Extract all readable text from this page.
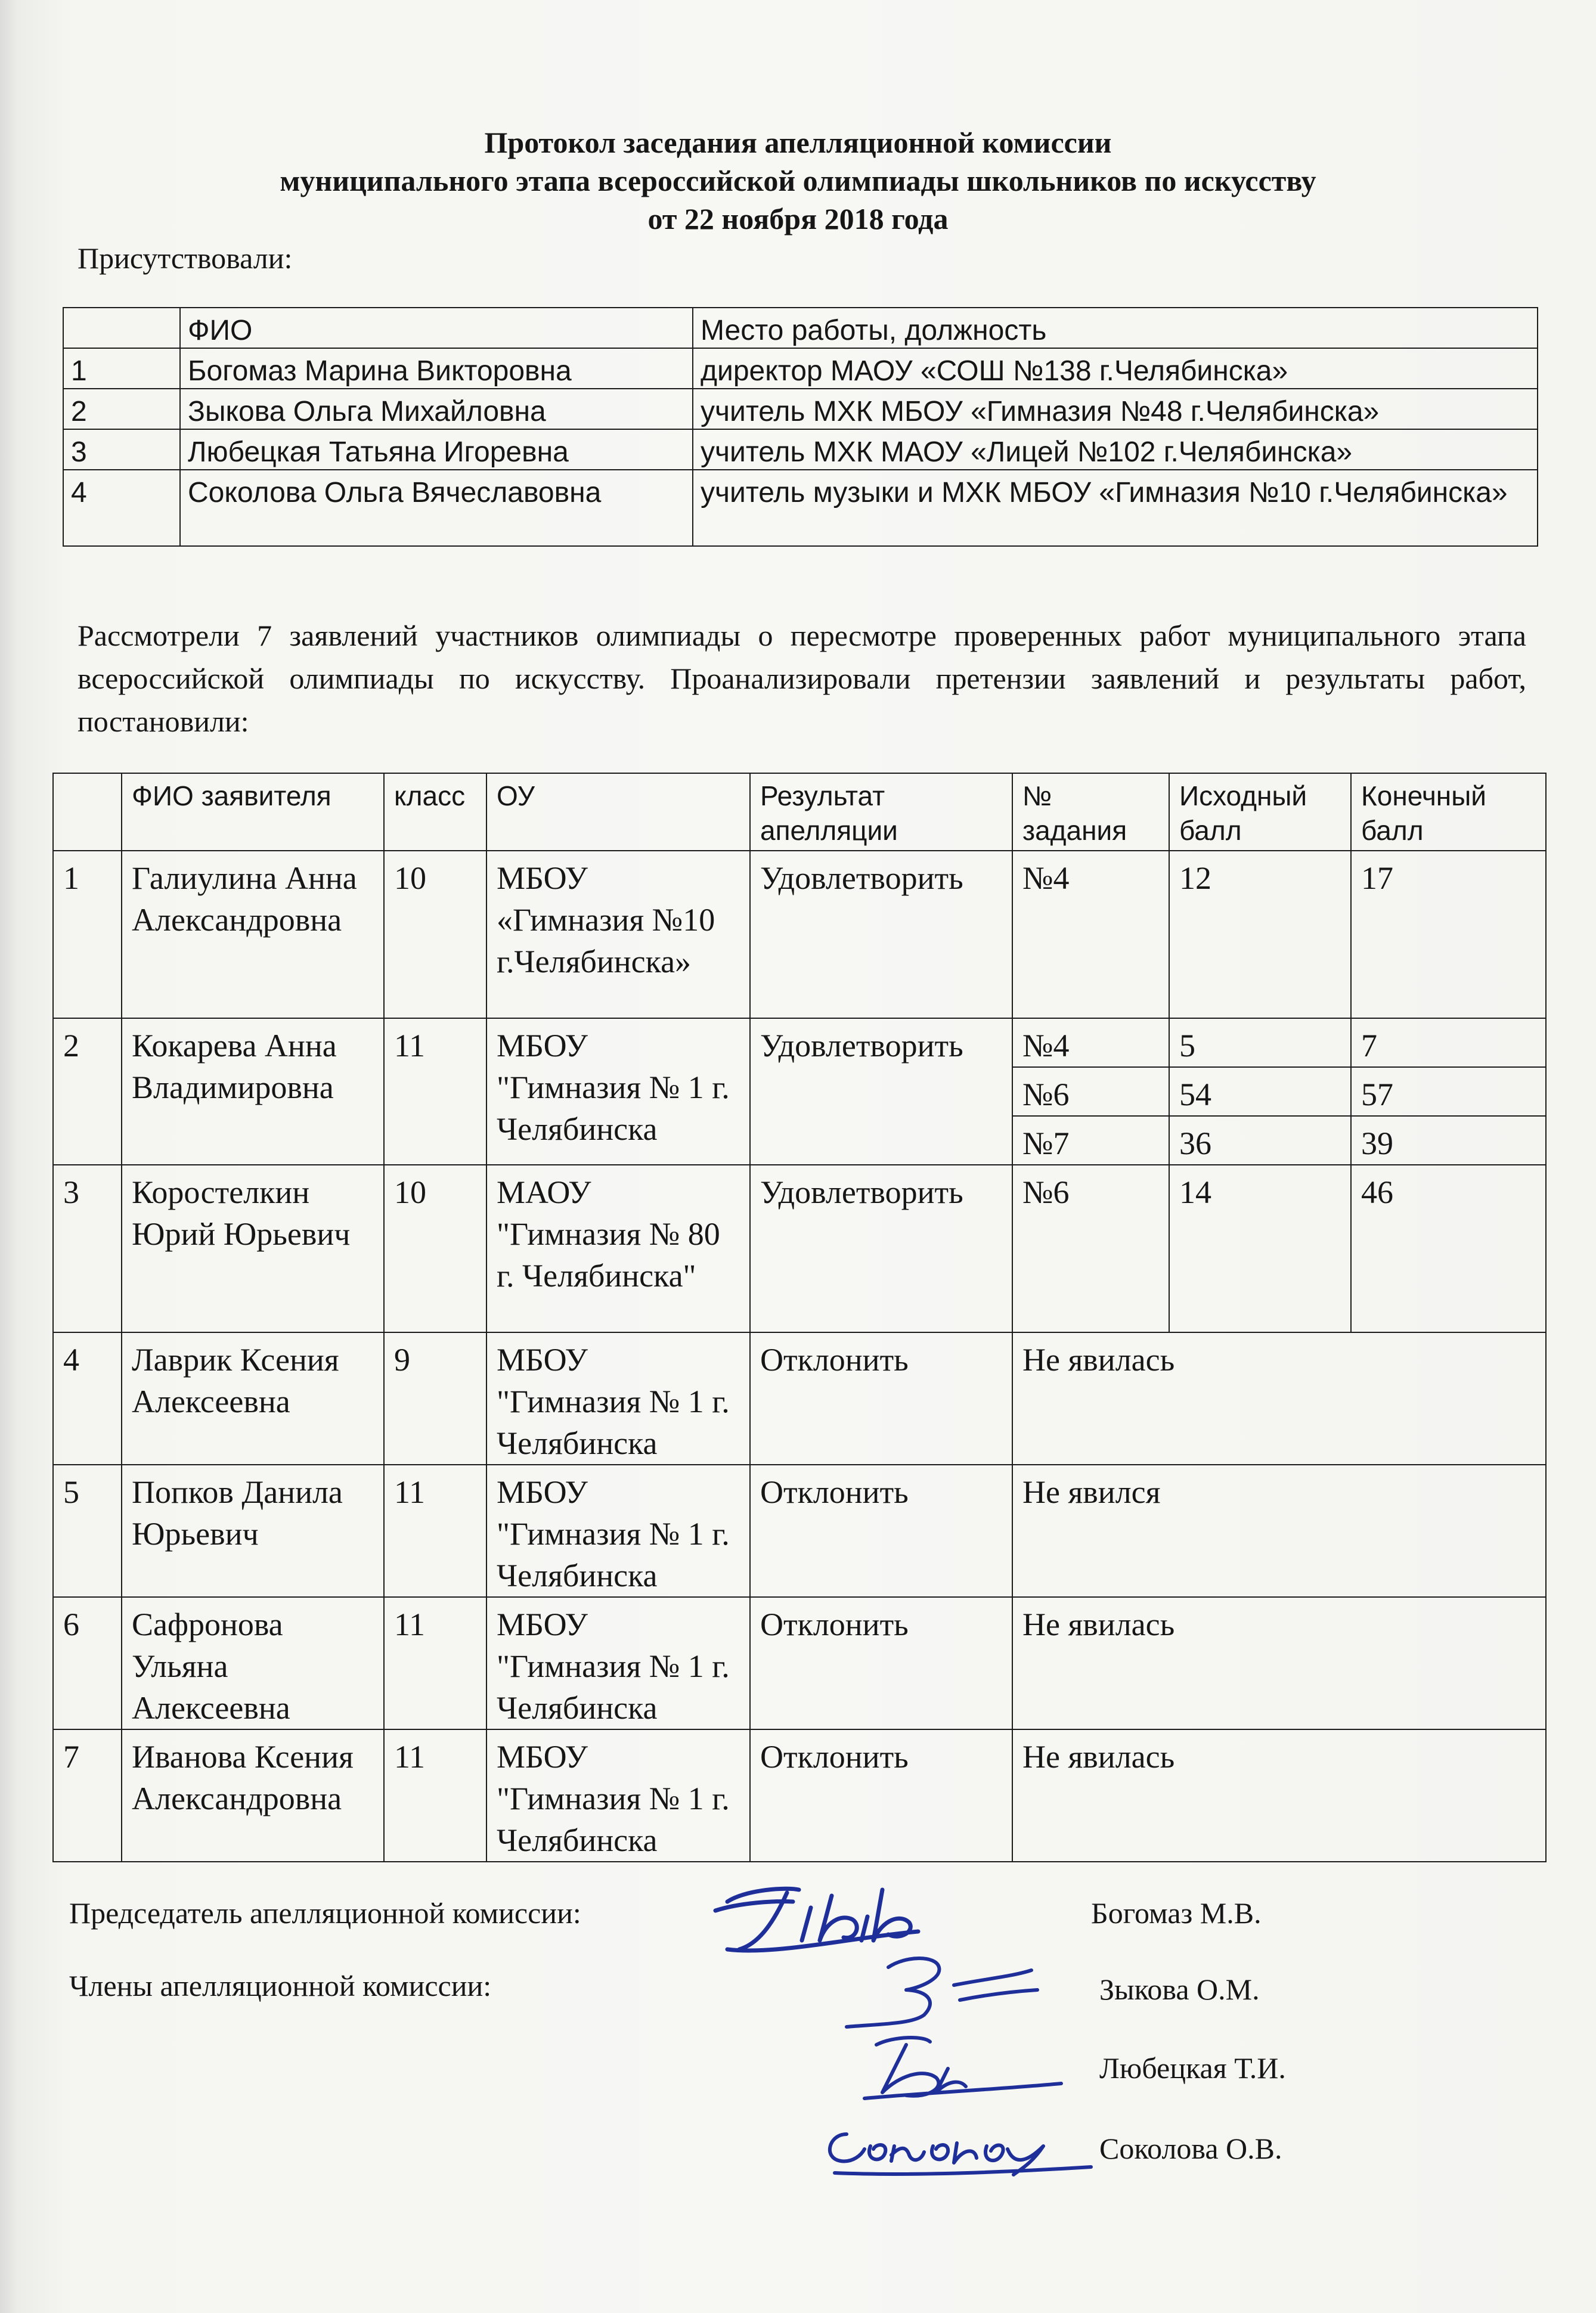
Протокол заседания апелляционной комиссии
муниципального этапа всероссийской олимпиады школьников по искусству
от 22 ноября 2018 года
Присутствовали:
	ФИО	Место работы, должность
1	Богомаз Марина Викторовна	директор МАОУ «СОШ №138 г.Челябинска»
2	Зыкова Ольга Михайловна	учитель МХК МБОУ «Гимназия №48 г.Челябинска»
3	Любецкая Татьяна Игоревна	учитель МХК МАОУ «Лицей №102 г.Челябинска»
4	Соколова Ольга Вячеславовна	учитель музыки и МХК МБОУ «Гимназия №10 г.Челябинска»
Рассмотрели 7 заявлений участников олимпиады о пересмотре проверенных работ муниципального этапа всероссийской олимпиады по искусству. Проанализировали претензии заявлений и результаты работ, постановили:
	ФИО заявителя	класс	ОУ	Результат апелляции	№ задания	Исходный балл	Конечный балл
1	Галиулина Анна Александровна	10	МБОУ «Гимназия №10 г.Челябинска»	Удовлетворить	№4	12	17
2	Кокарева Анна Владимировна	11	МБОУ "Гимназия № 1 г. Челябинска	Удовлетворить	№4	5	7
					№6	54	57
					№7	36	39
3	Коростелкин Юрий Юрьевич	10	МАОУ "Гимназия № 80 г. Челябинска"	Удовлетворить	№6	14	46
4	Лаврик Ксения Алексеевна	9	МБОУ "Гимназия № 1 г. Челябинска	Отклонить	Не явилась		
5	Попков Данила Юрьевич	11	МБОУ "Гимназия № 1 г. Челябинска	Отклонить	Не явился		
6	Сафронова Ульяна Алексеевна	11	МБОУ "Гимназия № 1 г. Челябинска	Отклонить	Не явилась		
7	Иванова Ксения Александровна	11	МБОУ "Гимназия № 1 г. Челябинска	Отклонить	Не явилась		
Председатель апелляционной комиссии:	Богомаз М.В.
Члены апелляционной комиссии:	Зыкова О.М.
Любецкая Т.И.
Соколова О.В.
